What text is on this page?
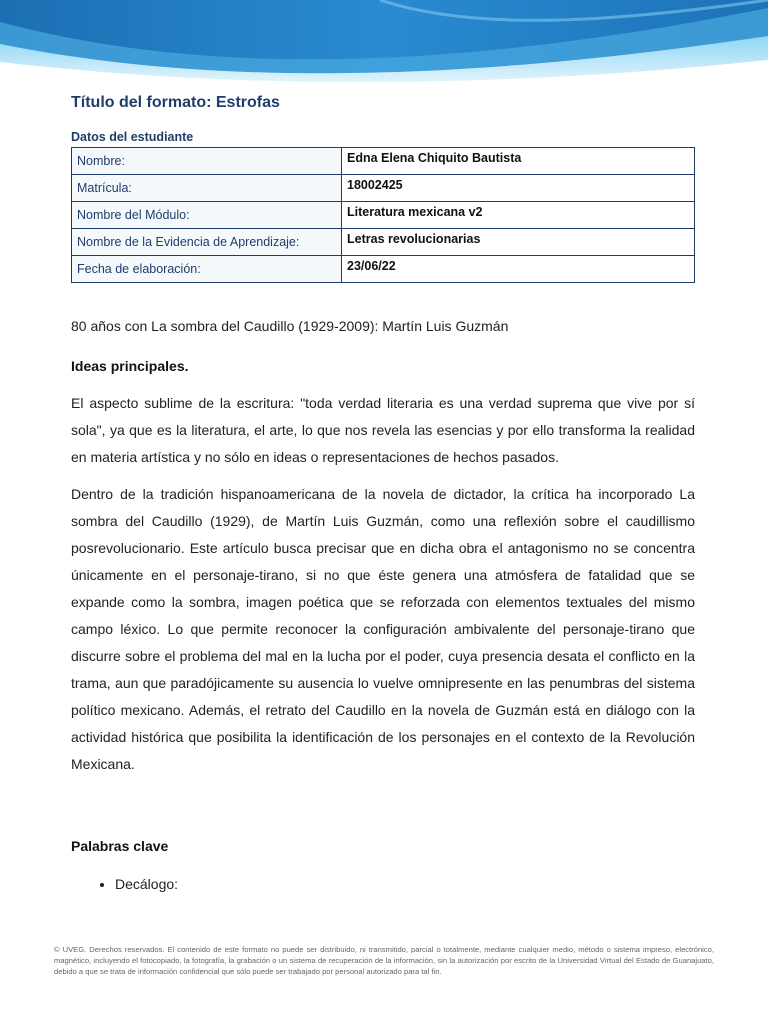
Título del formato: Estrofas
Datos del estudiante
Nombre:	Edna Elena Chiquito Bautista
Matrícula:	18002425
Nombre del Módulo:	Literatura mexicana v2
Nombre de la Evidencia de Aprendizaje:	Letras revolucionarias
Fecha de elaboración:	23/06/22

80 años con La sombra del Caudillo (1929-2009): Martín Luis Guzmán

Ideas principales.

El aspecto sublime de la escritura: "toda verdad literaria es una verdad suprema que vive por sí sola", ya que es la literatura, el arte, lo que nos revela las esencias y por ello transforma la realidad en materia artística y no sólo en ideas o representaciones de hechos pasados.

Dentro de la tradición hispanoamericana de la novela de dictador, la crítica ha incorporado La sombra del Caudillo (1929), de Martín Luis Guzmán, como una reflexión sobre el caudillismo posrevolucionario. Este artículo busca precisar que en dicha obra el antagonismo no se concentra únicamente en el personaje-tirano, si no que éste genera una atmósfera de fatalidad que se expande como la sombra, imagen poética que se reforzada con elementos textuales del mismo campo léxico. Lo que permite reconocer la configuración ambivalente del personaje-tirano que discurre sobre el problema del mal en la lucha por el poder, cuya presencia desata el conflicto en la trama, aun que paradójicamente su ausencia lo vuelve omnipresente en las penumbras del sistema político mexicano. Además, el retrato del Caudillo en la novela de Guzmán está en diálogo con la actividad histórica que posibilita la identificación de los personajes en el contexto de la Revolución Mexicana.

Palabras clave

• Decálogo:
© UVEG. Derechos reservados. El contenido de este formato no puede ser distribuido, ni transmitido, parcial o totalmente, mediante cualquier medio, método o sistema impreso, electrónico, magnético, incluyendo el fotocopiado, la fotografía, la grabación o un sistema de recuperación de la información, sin la autorización por escrito de la Universidad Virtual del Estado de Guanajuato, debido a que se trata de información confidencial que sólo puede ser trabajado por personal autorizado para tal fin.
